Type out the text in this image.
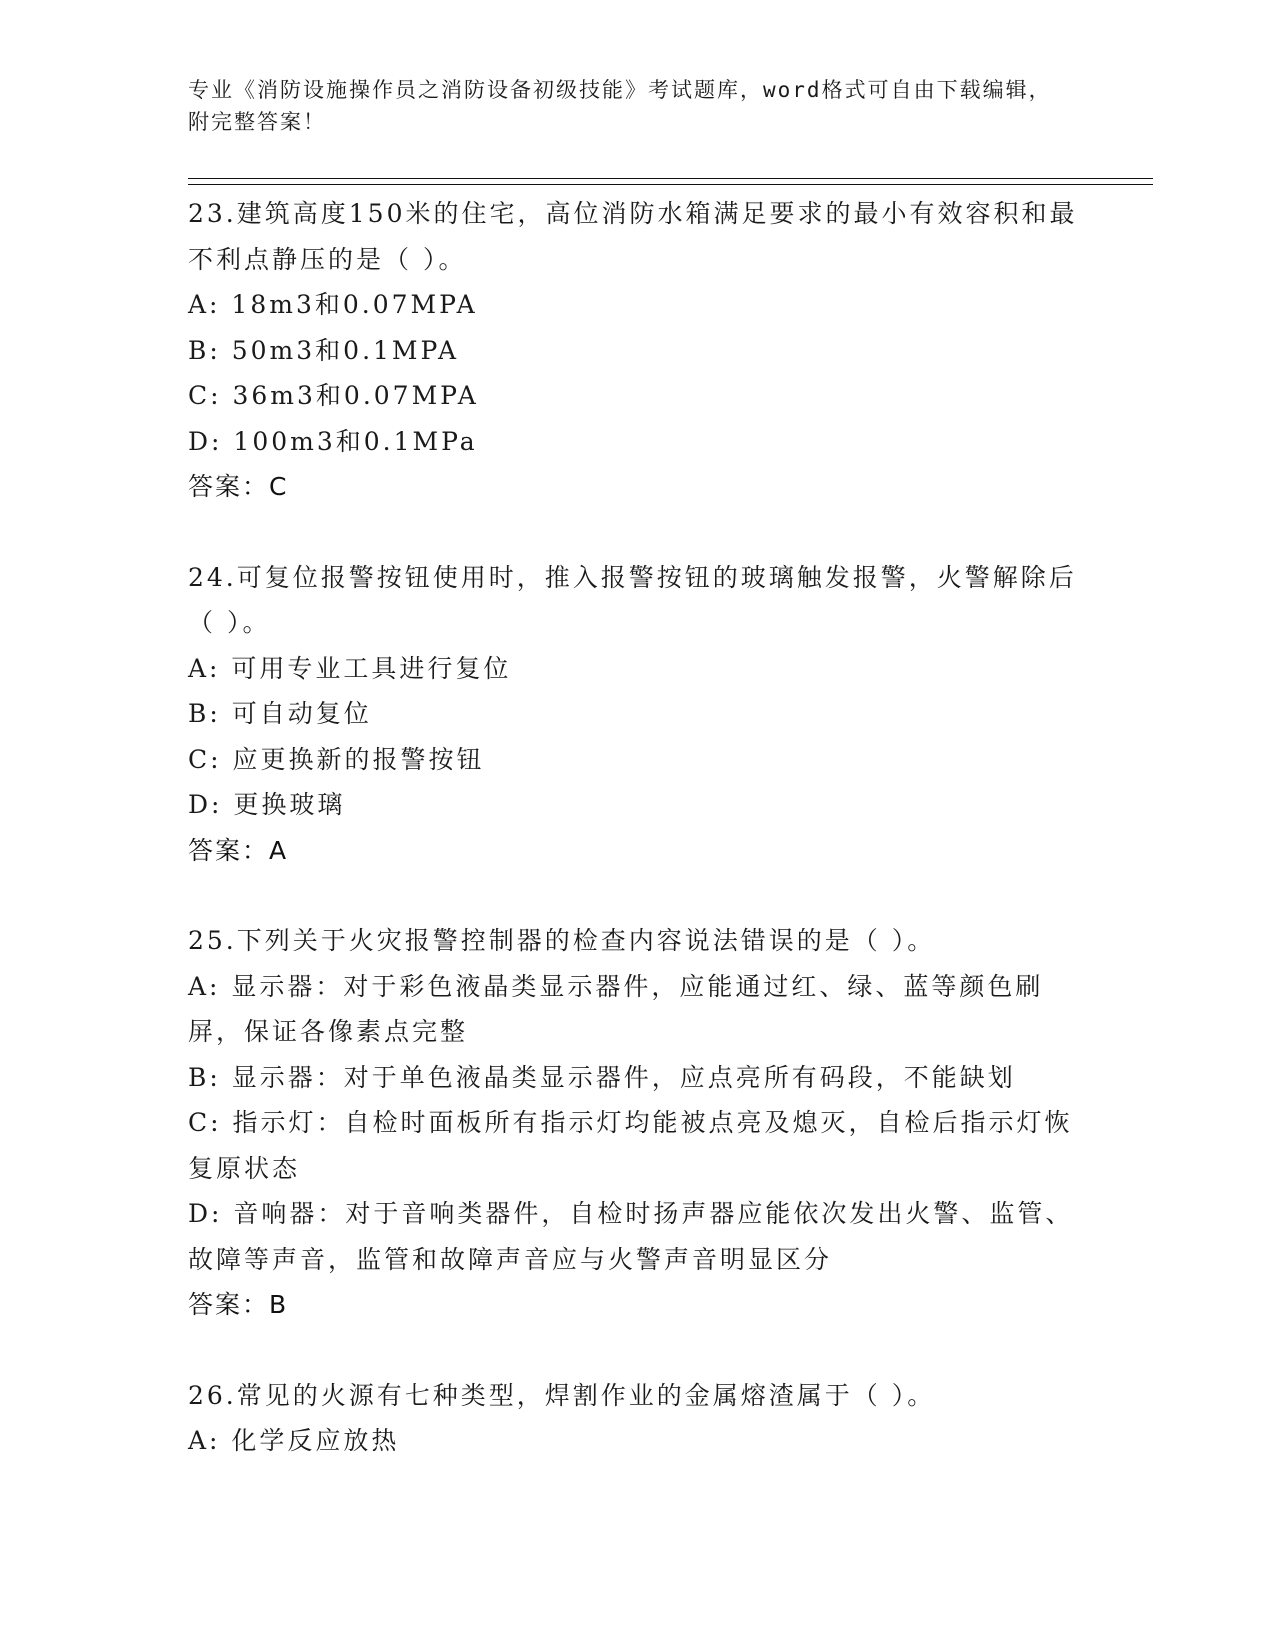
专业《消防设施操作员之消防设备初级技能》考试题库，word格式可自由下载编辑，附完整答案！
23.建筑高度150米的住宅，高位消防水箱满足要求的最小有效容积和最不利点静压的是（ ）。
A: 18m3和0.07MPA
B: 50m3和0.1MPA
C: 36m3和0.07MPA
D: 100m3和0.1MPa
答案：C
24.可复位报警按钮使用时，推入报警按钮的玻璃触发报警，火警解除后（ ）。
A: 可用专业工具进行复位
B: 可自动复位
C: 应更换新的报警按钮
D: 更换玻璃
答案：A
25.下列关于火灾报警控制器的检查内容说法错误的是（ ）。
A: 显示器：对于彩色液晶类显示器件，应能通过红、绿、蓝等颜色刷屏，保证各像素点完整
B: 显示器：对于单色液晶类显示器件，应点亮所有码段，不能缺划
C: 指示灯：自检时面板所有指示灯均能被点亮及熄灭，自检后指示灯恢复原状态
D: 音响器：对于音响类器件，自检时扬声器应能依次发出火警、监管、故障等声音，监管和故障声音应与火警声音明显区分
答案：B
26.常见的火源有七种类型，焊割作业的金属熔渣属于（ ）。
A: 化学反应放热
